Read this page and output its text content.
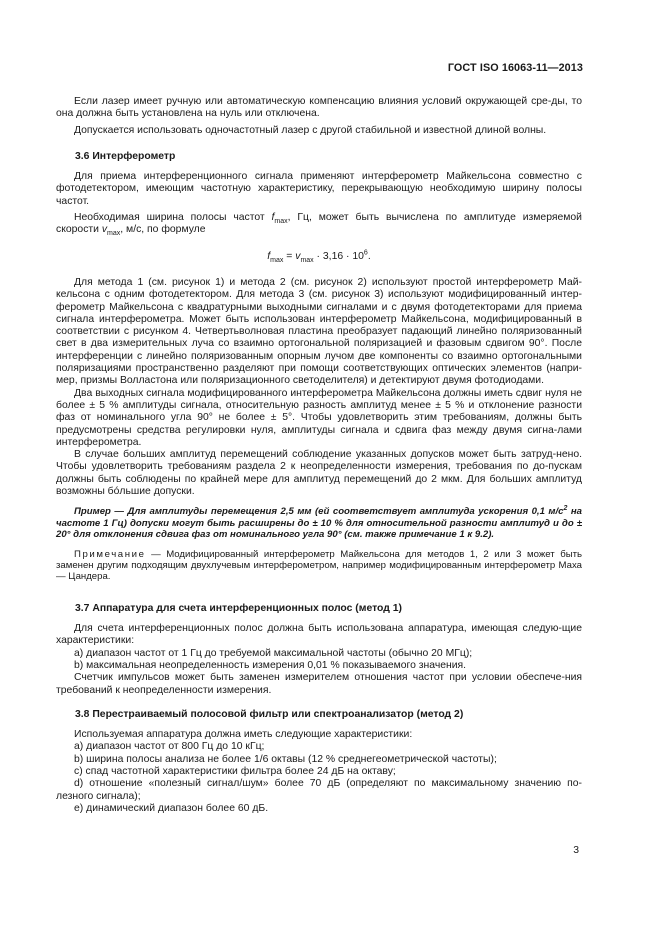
ГОСТ ISO 16063-11—2013

Если лазер имеет ручную или автоматическую компенсацию влияния условий окружающей сре-ды, то она должна быть установлена на нуль или отключена.

Допускается использовать одночастотный лазер с другой стабильной и известной длиной волны.

3.6 Интерферометр

Для приема интерференционного сигнала применяют интерферометр Майкельсона совместно с фотодетектором, имеющим частотную характеристику, перекрывающую необходимую ширину полосы частот.

Необходимая ширина полосы частот $f_{max}$, Гц, может быть вычислена по амплитуде измеряемой скорости $v_{max}$, м/с, по формуле

$f_{max} = v_{max} \cdot 3,16 \cdot 10^6$.

Для метода 1 (см. рисунок 1) и метода 2 (см. рисунок 2) используют простой интерферометр Май-кельсона с одним фотодетектором. Для метода 3 (см. рисунок 3) используют модифицированный интер-ферометр Майкельсона с квадратурными выходными сигналами и с двумя фотодетекторами для приема сигнала интерферометра. Может быть использован интерферометр Майкельсона, модифицированный в соответствии с рисунком 4. Четвертьволновая пластина преобразует падающий линейно поляризованный свет в два измерительных луча со взаимно ортогональной поляризацией и фазовым сдвигом 90°. После интерференции с линейно поляризованным опорным лучом две компоненты со взаимно ортогональными поляризациями пространственно разделяют при помощи соответствующих оптических элементов (напри-мер, призмы Волластона или поляризационного светоделителя) и детектируют двумя фотодиодами.

Два выходных сигнала модифицированного интерферометра Майкельсона должны иметь сдвиг нуля не более ± 5 % амплитуды сигнала, относительную разность амплитуд менее ± 5 % и отклонение разности фаз от номинального угла 90° не более ± 5°. Чтобы удовлетворить этим требованиям, должны быть предусмотрены средства регулировки нуля, амплитуды сигнала и сдвига фаз между двумя сигна-лами интерферометра.

В случае больших амплитуд перемещений соблюдение указанных допусков может быть затруд-нено. Чтобы удовлетворить требованиям раздела 2 к неопределенности измерения, требования по до-пускам должны быть соблюдены по крайней мере для амплитуд перемещений до 2 мкм. Для больших амплитуд возможны бóльшие допуски.

Пример — Для амплитуды перемещения 2,5 мм (ей соответствует амплитуда ускорения 0,1 $м/с^2$ на частоте 1 Гц) допуски могут быть расширены до ± 10 % для относительной разности амплитуд и до ± 20° для отклонения сдвига фаз от номинального угла 90° (см. также примечание 1 к 9.2).

Примечание — Модифицированный интерферометр Майкельсона для методов 1, 2 или 3 может быть заменен другим подходящим двухлучевым интерферометром, например модифицированным интерферометр Маха — Цандера.

3.7 Аппаратура для счета интерференционных полос (метод 1)

Для счета интерференционных полос должна быть использована аппаратура, имеющая следую-щие характеристики:

a) диапазон частот от 1 Гц до требуемой максимальной частоты (обычно 20 МГц);

b) максимальная неопределенность измерения 0,01 % показываемого значения.

Счетчик импульсов может быть заменен измерителем отношения частот при условии обеспече-ния требований к неопределенности измерения.

3.8 Перестраиваемый полосовой фильтр или спектроанализатор (метод 2)

Используемая аппаратура должна иметь следующие характеристики:

a) диапазон частот от 800 Гц до 10 кГц;

b) ширина полосы анализа не более 1/6 октавы (12 % среднегеометрической частоты);

c) спад частотной характеристики фильтра более 24 дБ на октаву;

d) отношение «полезный сигнал/шум» более 70 дБ (определяют по максимальному значению по-лезного сигнала);

e) динамический диапазон более 60 дБ.

3
